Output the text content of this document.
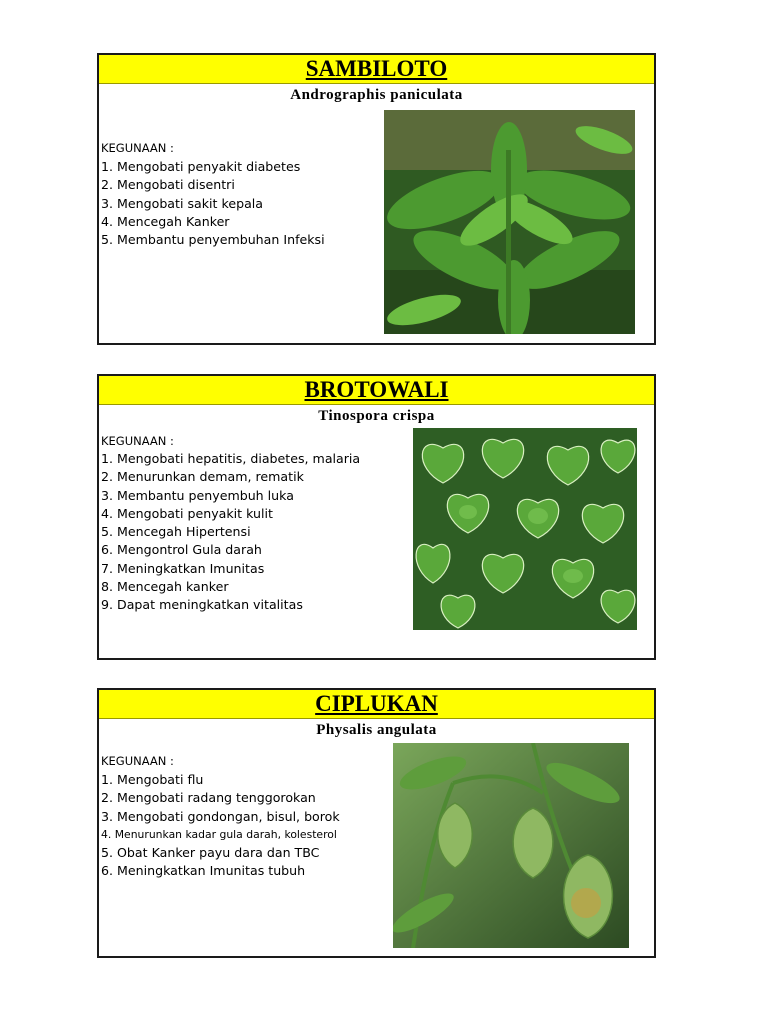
SAMBILOTO
Andrographis paniculata
KEGUNAAN :
1. Mengobati penyakit diabetes
2. Mengobati disentri
3. Mengobati sakit kepala
4. Mencegah Kanker
5. Membantu penyembuhan Infeksi
BROTOWALI
Tinospora crispa
KEGUNAAN :
1. Mengobati hepatitis, diabetes, malaria
2. Menurunkan demam, rematik
3. Membantu penyembuh luka
4. Mengobati penyakit kulit
5. Mencegah Hipertensi
6. Mengontrol Gula darah
7. Meningkatkan Imunitas
8. Mencegah kanker
9. Dapat meningkatkan vitalitas
CIPLUKAN
Physalis angulata
KEGUNAAN :
1. Mengobati flu
2. Mengobati radang tenggorokan
3. Mengobati gondongan, bisul, borok
4. Menurunkan kadar gula darah, kolesterol
5. Obat Kanker payu dara dan TBC
6. Meningkatkan Imunitas tubuh
